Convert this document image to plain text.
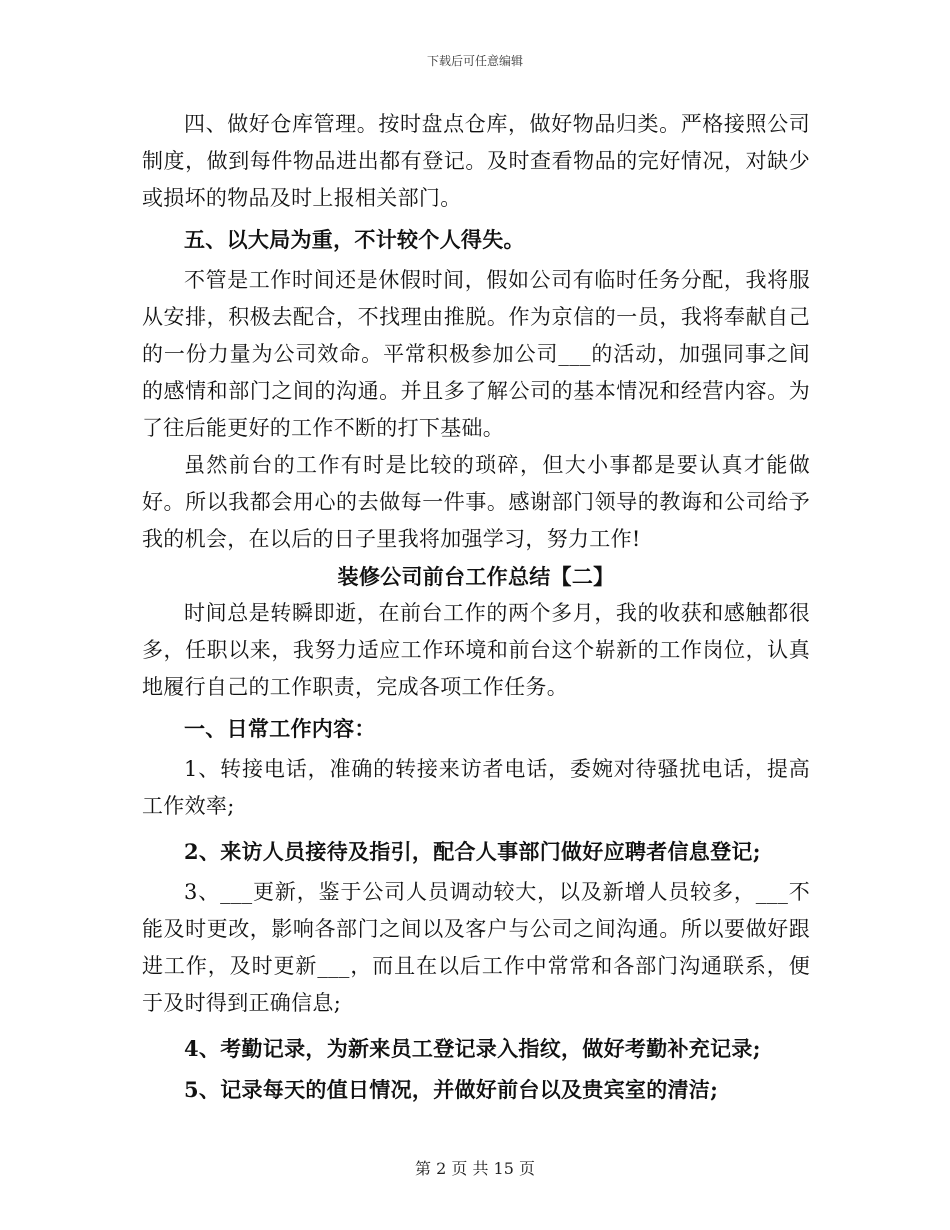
下载后可任意编辑

四、做好仓库管理。按时盘点仓库，做好物品归类。严格接照公司制度，做到每件物品进出都有登记。及时查看物品的完好情况，对缺少或损坏的物品及时上报相关部门。

五、以大局为重，不计较个人得失。

不管是工作时间还是休假时间，假如公司有临时任务分配，我将服从安排，积极去配合，不找理由推脱。作为京信的一员，我将奉献自己的一份力量为公司效命。平常积极参加公司___的活动，加强同事之间的感情和部门之间的沟通。并且多了解公司的基本情况和经营内容。为了往后能更好的工作不断的打下基础。

虽然前台的工作有时是比较的琐碎，但大小事都是要认真才能做好。所以我都会用心的去做每一件事。感谢部门领导的教诲和公司给予我的机会，在以后的日子里我将加强学习，努力工作!

装修公司前台工作总结【二】

时间总是转瞬即逝，在前台工作的两个多月，我的收获和感触都很多，任职以来，我努力适应工作环境和前台这个崭新的工作岗位，认真地履行自己的工作职责，完成各项工作任务。

一、日常工作内容：

1、转接电话，准确的转接来访者电话，委婉对待骚扰电话，提高工作效率;

2、来访人员接待及指引，配合人事部门做好应聘者信息登记;

3、___更新，鉴于公司人员调动较大，以及新增人员较多，___不能及时更改，影响各部门之间以及客户与公司之间沟通。所以要做好跟进工作，及时更新___，而且在以后工作中常常和各部门沟通联系，便于及时得到正确信息;

4、考勤记录，为新来员工登记录入指纹，做好考勤补充记录;

5、记录每天的值日情况，并做好前台以及贵宾室的清洁;

第 2 页 共 15 页
